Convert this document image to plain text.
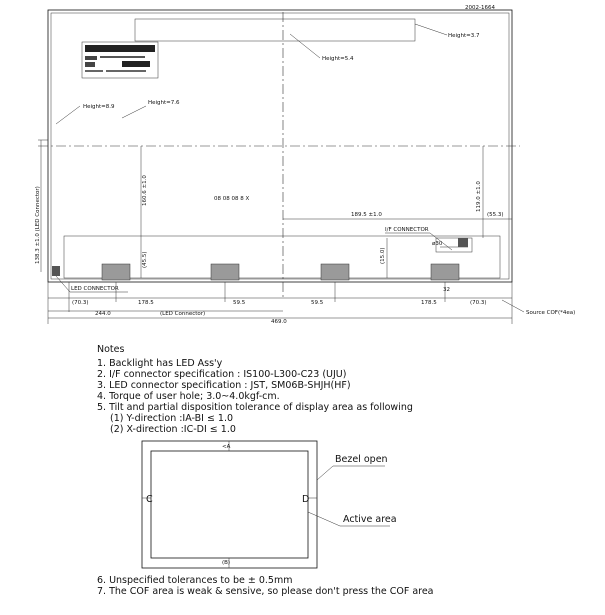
2002-1664
Height=3.7
Height=5.4
Height=8.9
Height=7.6
08 08 08 8 X
ø30
I/F CONNECTOR
LED CONNECTOR
Source COF(*4ea)
160.6 ±1.0
(45.5)
119.0 ±1.0
(15.0)
138.3 ±1.0 (LED Connector)	189.5 ±1.0	(55.3)
(70.3)	178.5	59.5	59.5	178.5
32
(70.3)
244.0	(LED Connector)
469.0
Notes
1. Backlight has LED Ass'y
2. I/F connector specification : IS100-L300-C23 (UJU)
3. LED connector specification : JST, SM06B-SHJH(HF)
4. Torque of user hole; 3.0~4.0kgf-cm.
5. Tilt and partial disposition tolerance of display area as following
(1) Y-direction :IA-BI ≤ 1.0
(2) X-direction :IC-DI ≤ 1.0
<A
(B)
C	D
Bezel open
Active area
6. Unspecified tolerances to be ± 0.5mm
7. The COF area is weak & sensive, so please don't press the COF area
